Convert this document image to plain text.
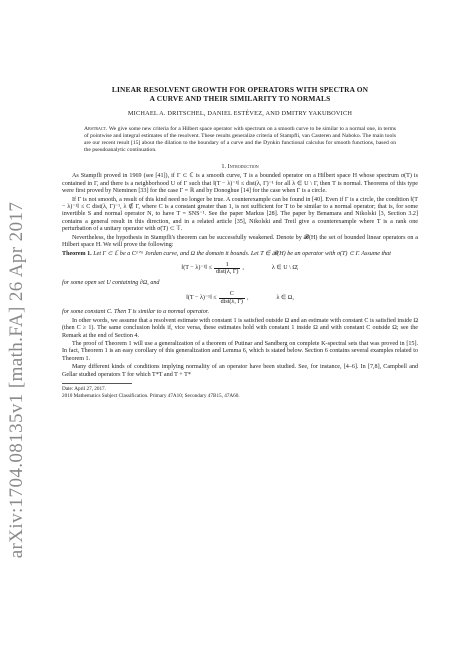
arXiv:1704.08135v1 [math.FA] 26 Apr 2017
LINEAR RESOLVENT GROWTH FOR OPERATORS WITH SPECTRA ON
A CURVE AND THEIR SIMILARITY TO NORMALS
MICHAEL A. DRITSCHEL, DANIEL ESTÉVEZ, AND DMITRY YAKUBOVICH
Abstract. We give some new criteria for a Hilbert space operator with spectrum on a smooth curve to be similar to a normal one, in terms of pointwise and integral estimates of the resolvent. These results generalize criteria of Stampfli, van Casteren and Naboko. The main tools are our recent result [15] about the dilation to the boundary of a curve and the Dynkin functional calculus for smooth functions, based on the pseudoanalytic continuation.
1. Introduction

As Stampfli proved in 1969 (see [41]), if Γ ⊂ ℂ is a smooth curve, T is a bounded operator on a Hilbert space H whose spectrum σ(T) is contained in Γ, and there is a neighborhood U of Γ such that ‖(T − λ)⁻¹‖ ≤ dist(λ, Γ)⁻¹ for all λ ∈ U \ Γ, then T is normal. Theorems of this type were first proved by Nieminen [33] for the case Γ = ℝ and by Donoghue [14] for the case when Γ is a circle.

If Γ is not smooth, a result of this kind need no longer be true. A counterexample can be found in [40]. Even if Γ is a circle, the condition ‖(T − λ)⁻¹‖ ≤ C dist(λ, Γ)⁻¹, λ ∉ Γ, where C is a constant greater than 1, is not sufficient for T to be similar to a normal operator; that is, for some invertible S and normal operator N, to have T = SNS⁻¹. See the paper Markus [28]. The paper by Benamara and Nikolski [3, Section 3.2] contains a general result in this direction, and in a related article [35], Nikolski and Treil give a counterexample where T is a rank one perturbation of a unitary operator with σ(T) ⊂ 𝕋.

Nevertheless, the hypothesis in Stampfli's theorem can be successfully weakened. Denote by 𝓑(H) the set of bounded linear operators on a Hilbert space H. We will prove the following:

Theorem 1. Let Γ ⊂ ℂ be a C¹⁺ᵅ Jordan curve, and Ω the domain it bounds. Let T ∈ 𝓑(H) be an operator with σ(T) ⊂ Γ. Assume that

‖(T − λ)⁻¹‖ ≤ $\frac{1}{\text{dist(λ, Γ)}}$ ,	λ ∈ U \ Ω̄,

for some open set U containing ∂Ω, and

‖(T − λ)⁻¹‖ ≤ $\frac{C}{\text{dist(λ, Γ)}}$ ,	λ ∈ Ω,

for some constant C. Then T is similar to a normal operator.

In other words, we assume that a resolvent estimate with constant 1 is satisfied outside Ω and an estimate with constant C is satisfied inside Ω (then C ≥ 1). The same conclusion holds if, vice versa, these estimates hold with constant 1 inside Ω and with constant C outside Ω; see the Remark at the end of Section 4.

The proof of Theorem 1 will use a generalization of a theorem of Putinar and Sandberg on complete K-spectral sets that was proved in [15]. In fact, Theorem 1 is an easy corollary of this generalization and Lemma 6, which is stated below. Section 6 contains several examples related to Theorem 1.

Many different kinds of conditions implying normality of an operator have been studied. See, for instance, [4–6]. In [7,8], Campbell and Gellar studied operators T for which T*T and T + T*

Date: April 27, 2017.
2010 Mathematics Subject Classification. Primary 47A10; Secondary 47B15, 47A60.
